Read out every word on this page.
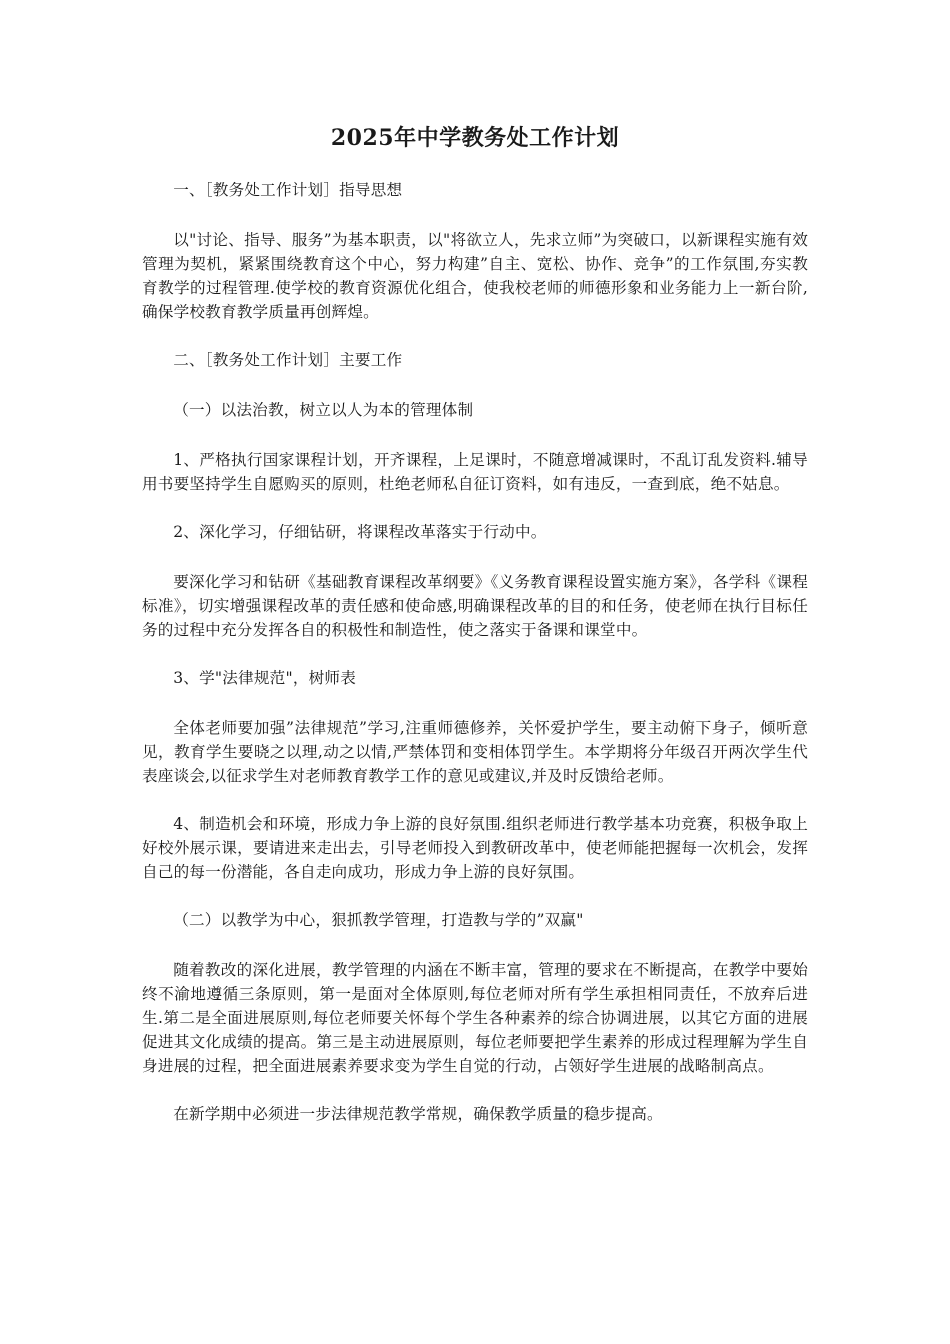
2025年中学教务处工作计划

一、［教务处工作计划］指导思想

以"讨论、指导、服务”为基本职责，以"将欲立人，先求立师”为突破口，以新课程实施有效管理为契机，紧紧围绕教育这个中心，努力构建”自主、宽松、协作、竞争”的工作氛围,夯实教育教学的过程管理.使学校的教育资源优化组合，使我校老师的师德形象和业务能力上一新台阶,确保学校教育教学质量再创辉煌。

二、［教务处工作计划］主要工作

（一）以法治教，树立以人为本的管理体制

1、严格执行国家课程计划，开齐课程，上足课时，不随意增减课时，不乱订乱发资料.辅导用书要坚持学生自愿购买的原则，杜绝老师私自征订资料，如有违反，一查到底，绝不姑息。

2、深化学习，仔细钻研，将课程改革落实于行动中。

要深化学习和钻研《基础教育课程改革纲要》《义务教育课程设置实施方案》，各学科《课程标准》，切实增强课程改革的责任感和使命感,明确课程改革的目的和任务，使老师在执行目标任务的过程中充分发挥各自的积极性和制造性，使之落实于备课和课堂中。

3、学"法律规范"，树师表

全体老师要加强”法律规范”学习,注重师德修养，关怀爱护学生，要主动俯下身子，倾听意见，教育学生要晓之以理,动之以情,严禁体罚和变相体罚学生。本学期将分年级召开两次学生代表座谈会,以征求学生对老师教育教学工作的意见或建议,并及时反馈给老师。

4、制造机会和环境，形成力争上游的良好氛围.组织老师进行教学基本功竞赛，积极争取上好校外展示课，要请进来走出去，引导老师投入到教研改革中，使老师能把握每一次机会，发挥自己的每一份潜能，各自走向成功，形成力争上游的良好氛围。

（二）以教学为中心，狠抓教学管理，打造教与学的”双赢"

随着教改的深化进展，教学管理的内涵在不断丰富，管理的要求在不断提高，在教学中要始终不渝地遵循三条原则，第一是面对全体原则,每位老师对所有学生承担相同责任，不放弃后进生.第二是全面进展原则,每位老师要关怀每个学生各种素养的综合协调进展，以其它方面的进展促进其文化成绩的提高。第三是主动进展原则，每位老师要把学生素养的形成过程理解为学生自身进展的过程，把全面进展素养要求变为学生自觉的行动，占领好学生进展的战略制高点。

在新学期中必须进一步法律规范教学常规，确保教学质量的稳步提高。
